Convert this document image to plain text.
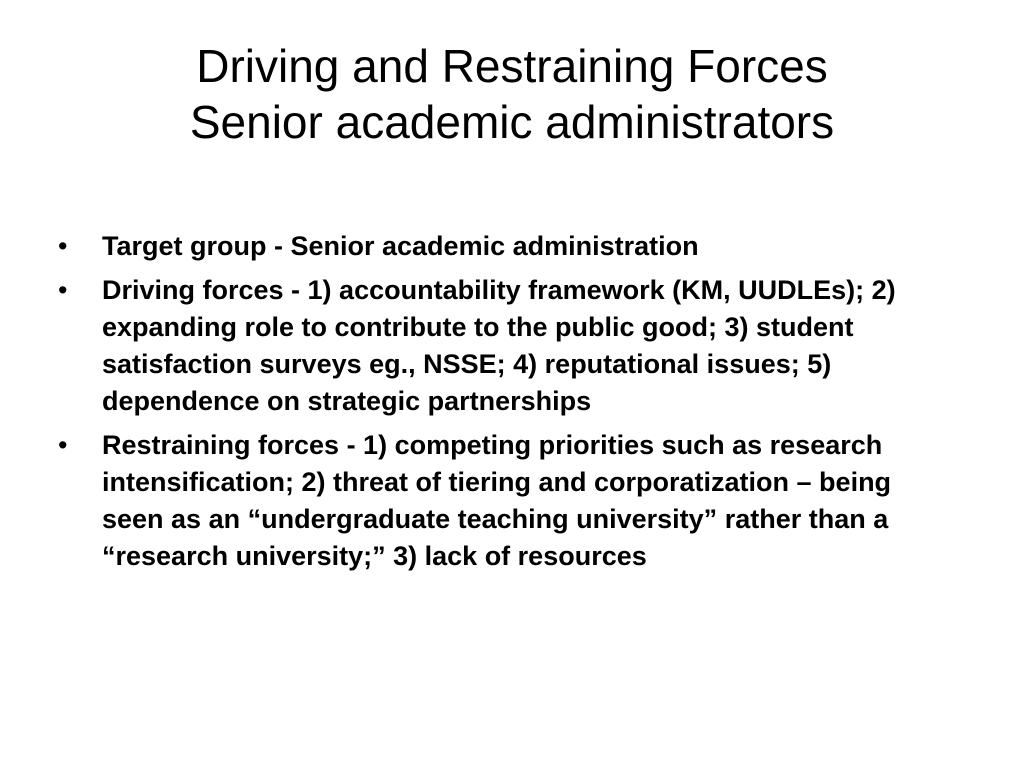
Driving and Restraining Forces
Senior academic administrators
• Target group - Senior academic administration
• Driving forces - 1) accountability framework (KM, UUDLEs); 2) expanding role to contribute to the public good; 3) student satisfaction surveys eg., NSSE; 4) reputational issues; 5) dependence on strategic partnerships
• Restraining forces - 1) competing priorities such as research intensification; 2) threat of tiering and corporatization – being seen as an “undergraduate teaching university” rather than a “research university;” 3) lack of resources
